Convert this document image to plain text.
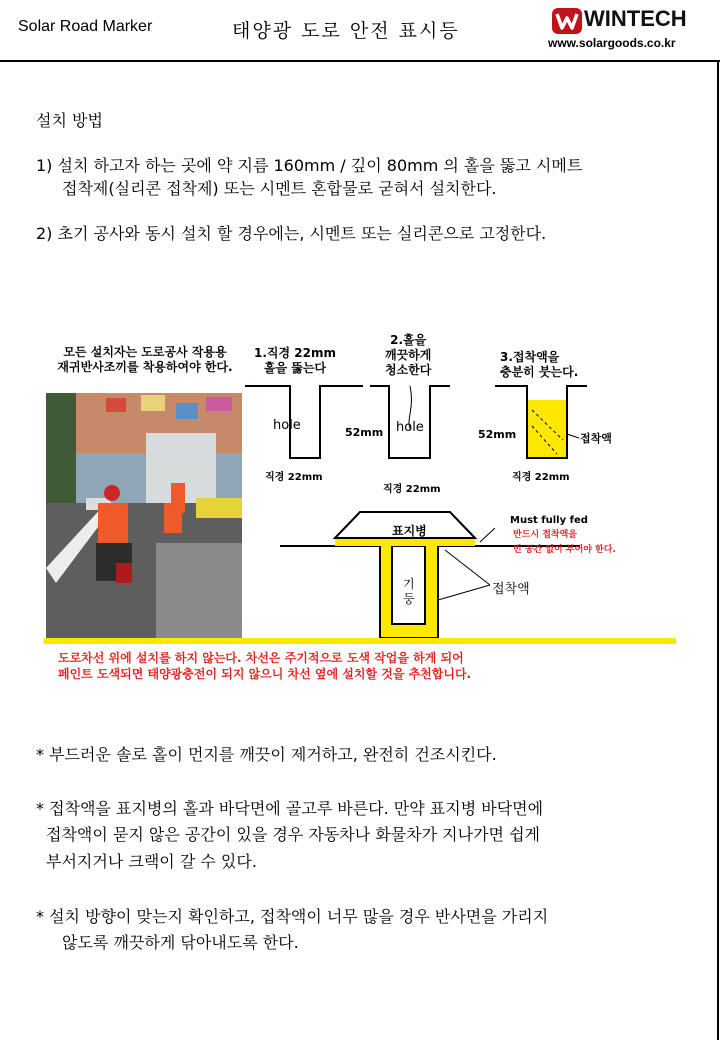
Solar Road Marker	태양광 도로 안전 표시등	WINTECH
www.solargoods.co.kr
설치 방법
1) 설치 하고자 하는 곳에 약 지름 160mm / 깊이 80mm 의 홀을 뚫고 시메트
접착제(실리콘 접착제) 또는 시멘트 혼합물로 굳혀서 설치한다.
2) 초기 공사와 동시 설치 할 경우에는, 시멘트 또는 실리콘으로 고정한다.
모든 설치자는 도로공사 작용용
재귀반사조끼를 착용하여야 한다.
1.직경 22mm
홀을 뚫는다
2.홀을
깨끗하게
청소한다
3.접착액을
충분히 붓는다.
hole	hole
52mm	52mm	접착액
직경 22mm
직경 22mm
직경 22mm
표지병
기
둥
접착액
Must fully fed
반드시 접착액을
빈 공간 없이 부어야 한다.
도로차선 위에 설치를 하지 않는다. 차선은 주기적으로 도색 작업을 하게 되어
페인트 도색되면 태양광충전이 되지 않으니 차선 옆에 설치할 것을 추천합니다.
* 부드러운 솔로 홀이 먼지를 깨끗이 제거하고, 완전히 건조시킨다.
* 접착액을 표지병의 홀과 바닥면에 골고루 바른다. 만약 표지병 바닥면에
접착액이 묻지 않은 공간이 있을 경우 자동차나 화물차가 지나가면 쉽게
부서지거나 크랙이 갈 수 있다.
* 설치 방향이 맞는지 확인하고, 접착액이 너무 많을 경우 반사면을 가리지
않도록 깨끗하게 닦아내도록 한다.
